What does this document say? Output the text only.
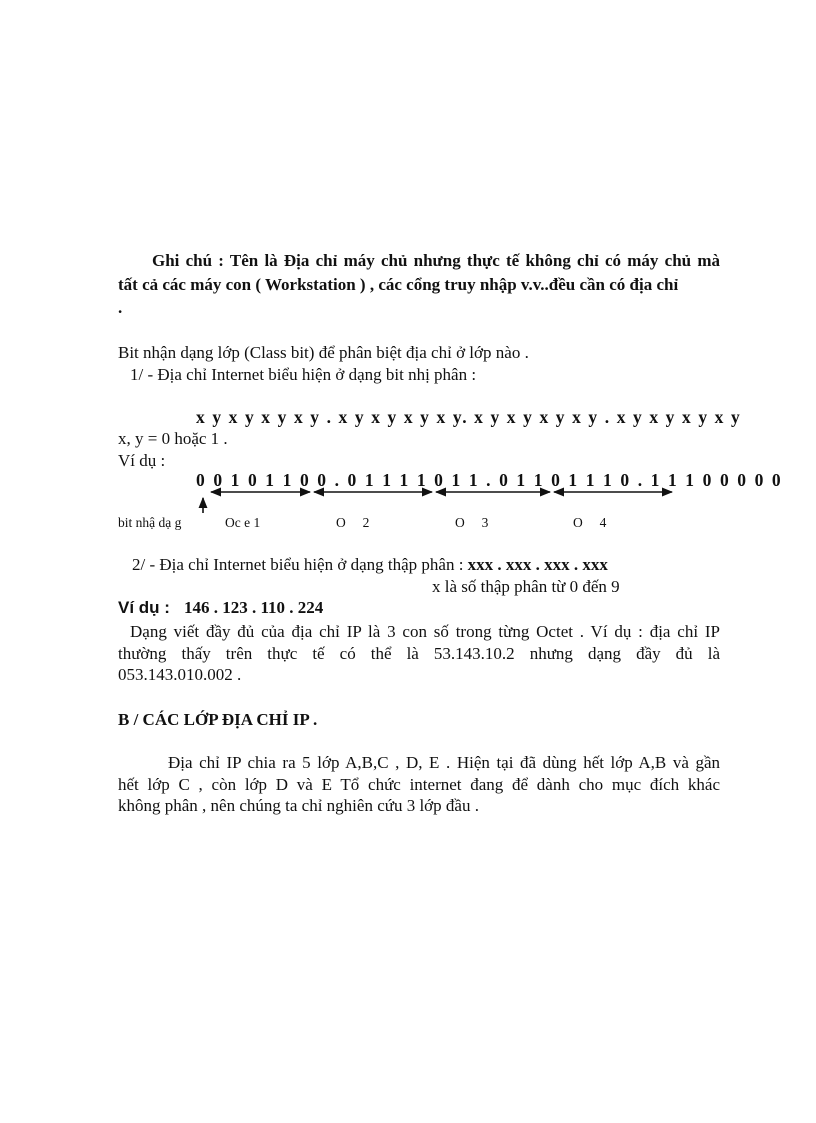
Ghi chú : Tên là Địa chỉ máy chủ nhưng thực tế không chỉ có máy chủ mà
tất cả các máy con ( Workstation ) , các cổng truy nhập v.v..đều cần có địa chỉ
.
Bit nhận dạng lớp (Class bit) để phân biệt địa chỉ ở lớp nào .
1/ - Địa chỉ Internet biểu hiện ở dạng bit nhị phân :
x y x y x y x y . x y x y x y x y. x y x y x y x y . x y x y x y x y
x, y = 0 hoặc 1 .
Ví dụ :
0 0 1 0 1 1 0 0 . 0 1 1 1 1 0 1 1 . 0 1 1 0 1 1 1 0 . 1 1 1 0 0 0 0 0
bit nhậ dạ g	Oc e 1	O     2	O     3	O     4
2/ - Địa chỉ Internet biểu hiện ở dạng thập phân : xxx . xxx . xxx . xxx
x là số thập phân từ 0 đến 9
Ví dụ : 146 . 123 . 110 . 224
Dạng viết đầy đủ của địa chỉ IP là 3 con số trong từng Octet . Ví dụ : địa chỉ IP
thường thấy trên thực tế có thể là 53.143.10.2 nhưng dạng đầy đủ là
053.143.010.002 .
B / CÁC LỚP ĐỊA CHỈ IP .
Địa chỉ IP chia ra 5 lớp A,B,C , D, E . Hiện tại đã dùng hết lớp A,B và gần
hết lớp C , còn lớp D và E Tổ chức internet đang để dành cho mục đích khác
không phân , nên chúng ta chỉ nghiên cứu 3 lớp đầu .
